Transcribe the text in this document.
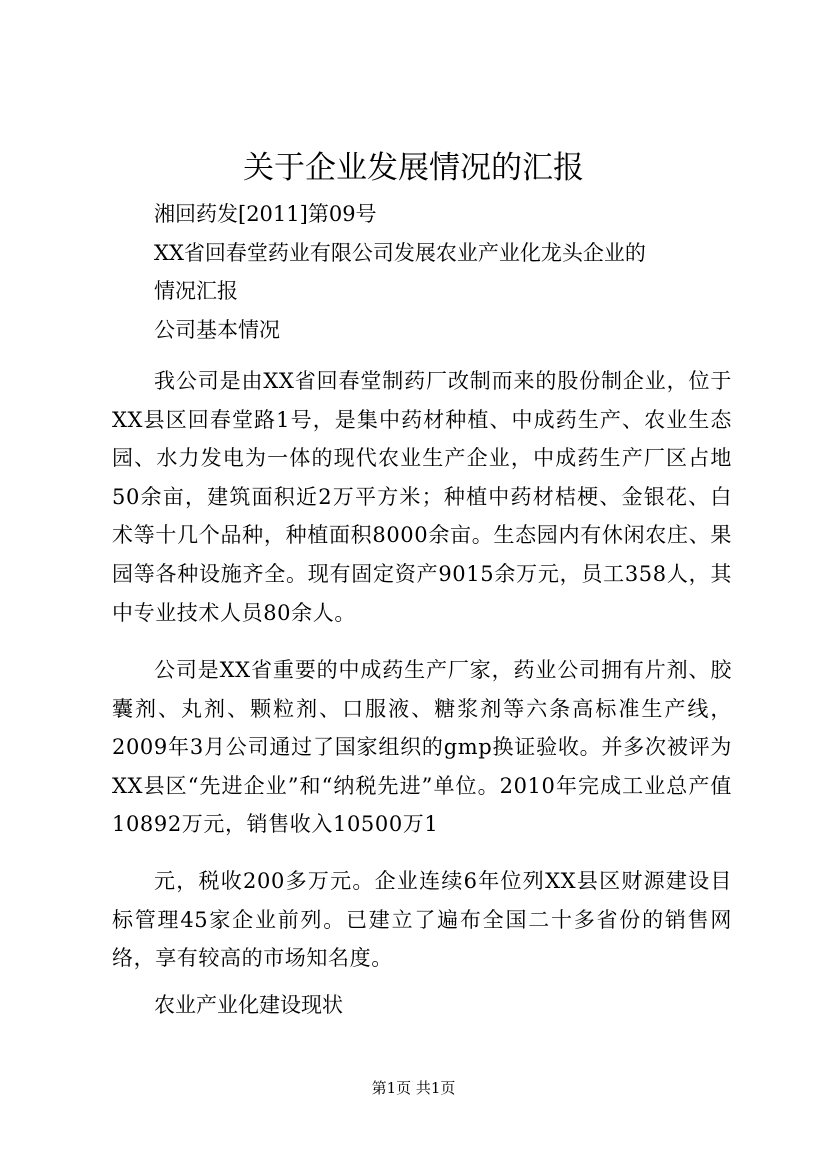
关于企业发展情况的汇报
湘回药发[2011]第09号
XX省回春堂药业有限公司发展农业产业化龙头企业的
情况汇报
公司基本情况
我公司是由XX省回春堂制药厂改制而来的股份制企业，位于XX县区回春堂路1号，是集中药材种植、中成药生产、农业生态园、水力发电为一体的现代农业生产企业，中成药生产厂区占地50余亩，建筑面积近2万平方米；种植中药材桔梗、金银花、白术等十几个品种，种植面积8000余亩。生态园内有休闲农庄、果园等各种设施齐全。现有固定资产9015余万元，员工358人，其中专业技术人员80余人。
公司是XX省重要的中成药生产厂家，药业公司拥有片剂、胶囊剂、丸剂、颗粒剂、口服液、糖浆剂等六条高标准生产线，2009年3月公司通过了国家组织的gmp换证验收。并多次被评为XX县区“先进企业”和“纳税先进”单位。2010年完成工业总产值10892万元，销售收入10500万1
元，税收200多万元。企业连续6年位列XX县区财源建设目标管理45家企业前列。已建立了遍布全国二十多省份的销售网络，享有较高的市场知名度。
农业产业化建设现状
第1页 共1页
